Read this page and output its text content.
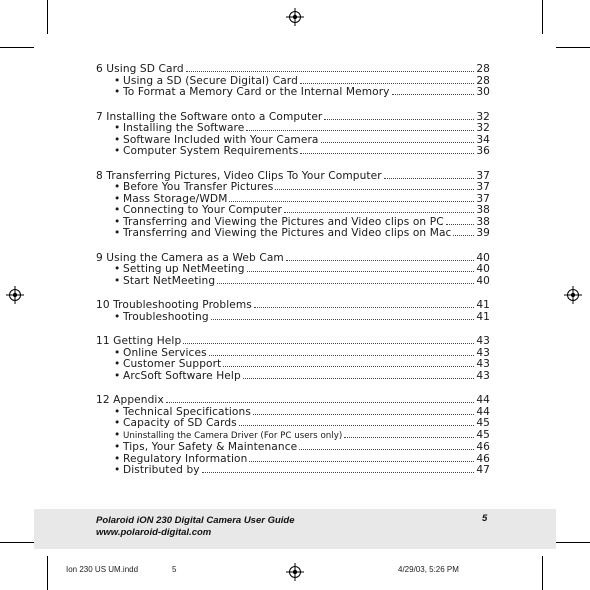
6 Using SD Card	28
• Using a SD (Secure Digital) Card	28
• To Format a Memory Card or the Internal Memory	30
7 Installing the Software onto a Computer	32
• Installing the Software	32
• Software Included with Your Camera	34
• Computer System Requirements	36
8 Transferring Pictures, Video Clips To Your Computer	37
• Before You Transfer Pictures	37
• Mass Storage/WDM	37
• Connecting to Your Computer	38
• Transferring and Viewing the Pictures and Video clips on PC	38
• Transferring and Viewing the Pictures and Video clips on Mac 39
9 Using the Camera as a Web Cam	40
• Setting up NetMeeting	40
• Start NetMeeting	40
10 Troubleshooting Problems	41
• Troubleshooting	41
11 Getting Help	43
• Online Services	43
• Customer Support	43
• ArcSoft Software Help	43
12 Appendix	44
• Technical Specifications	44
• Capacity of SD Cards	45
• Uninstalling the Camera Driver (For PC users only)	45
• Tips, Your Safety & Maintenance	46
• Regulatory Information	46
• Distributed by	47
Polaroid iON 230 Digital Camera User Guide
www.polaroid-digital.com
5
Ion 230 US UM.indd	5	4/29/03, 5:26 PM
